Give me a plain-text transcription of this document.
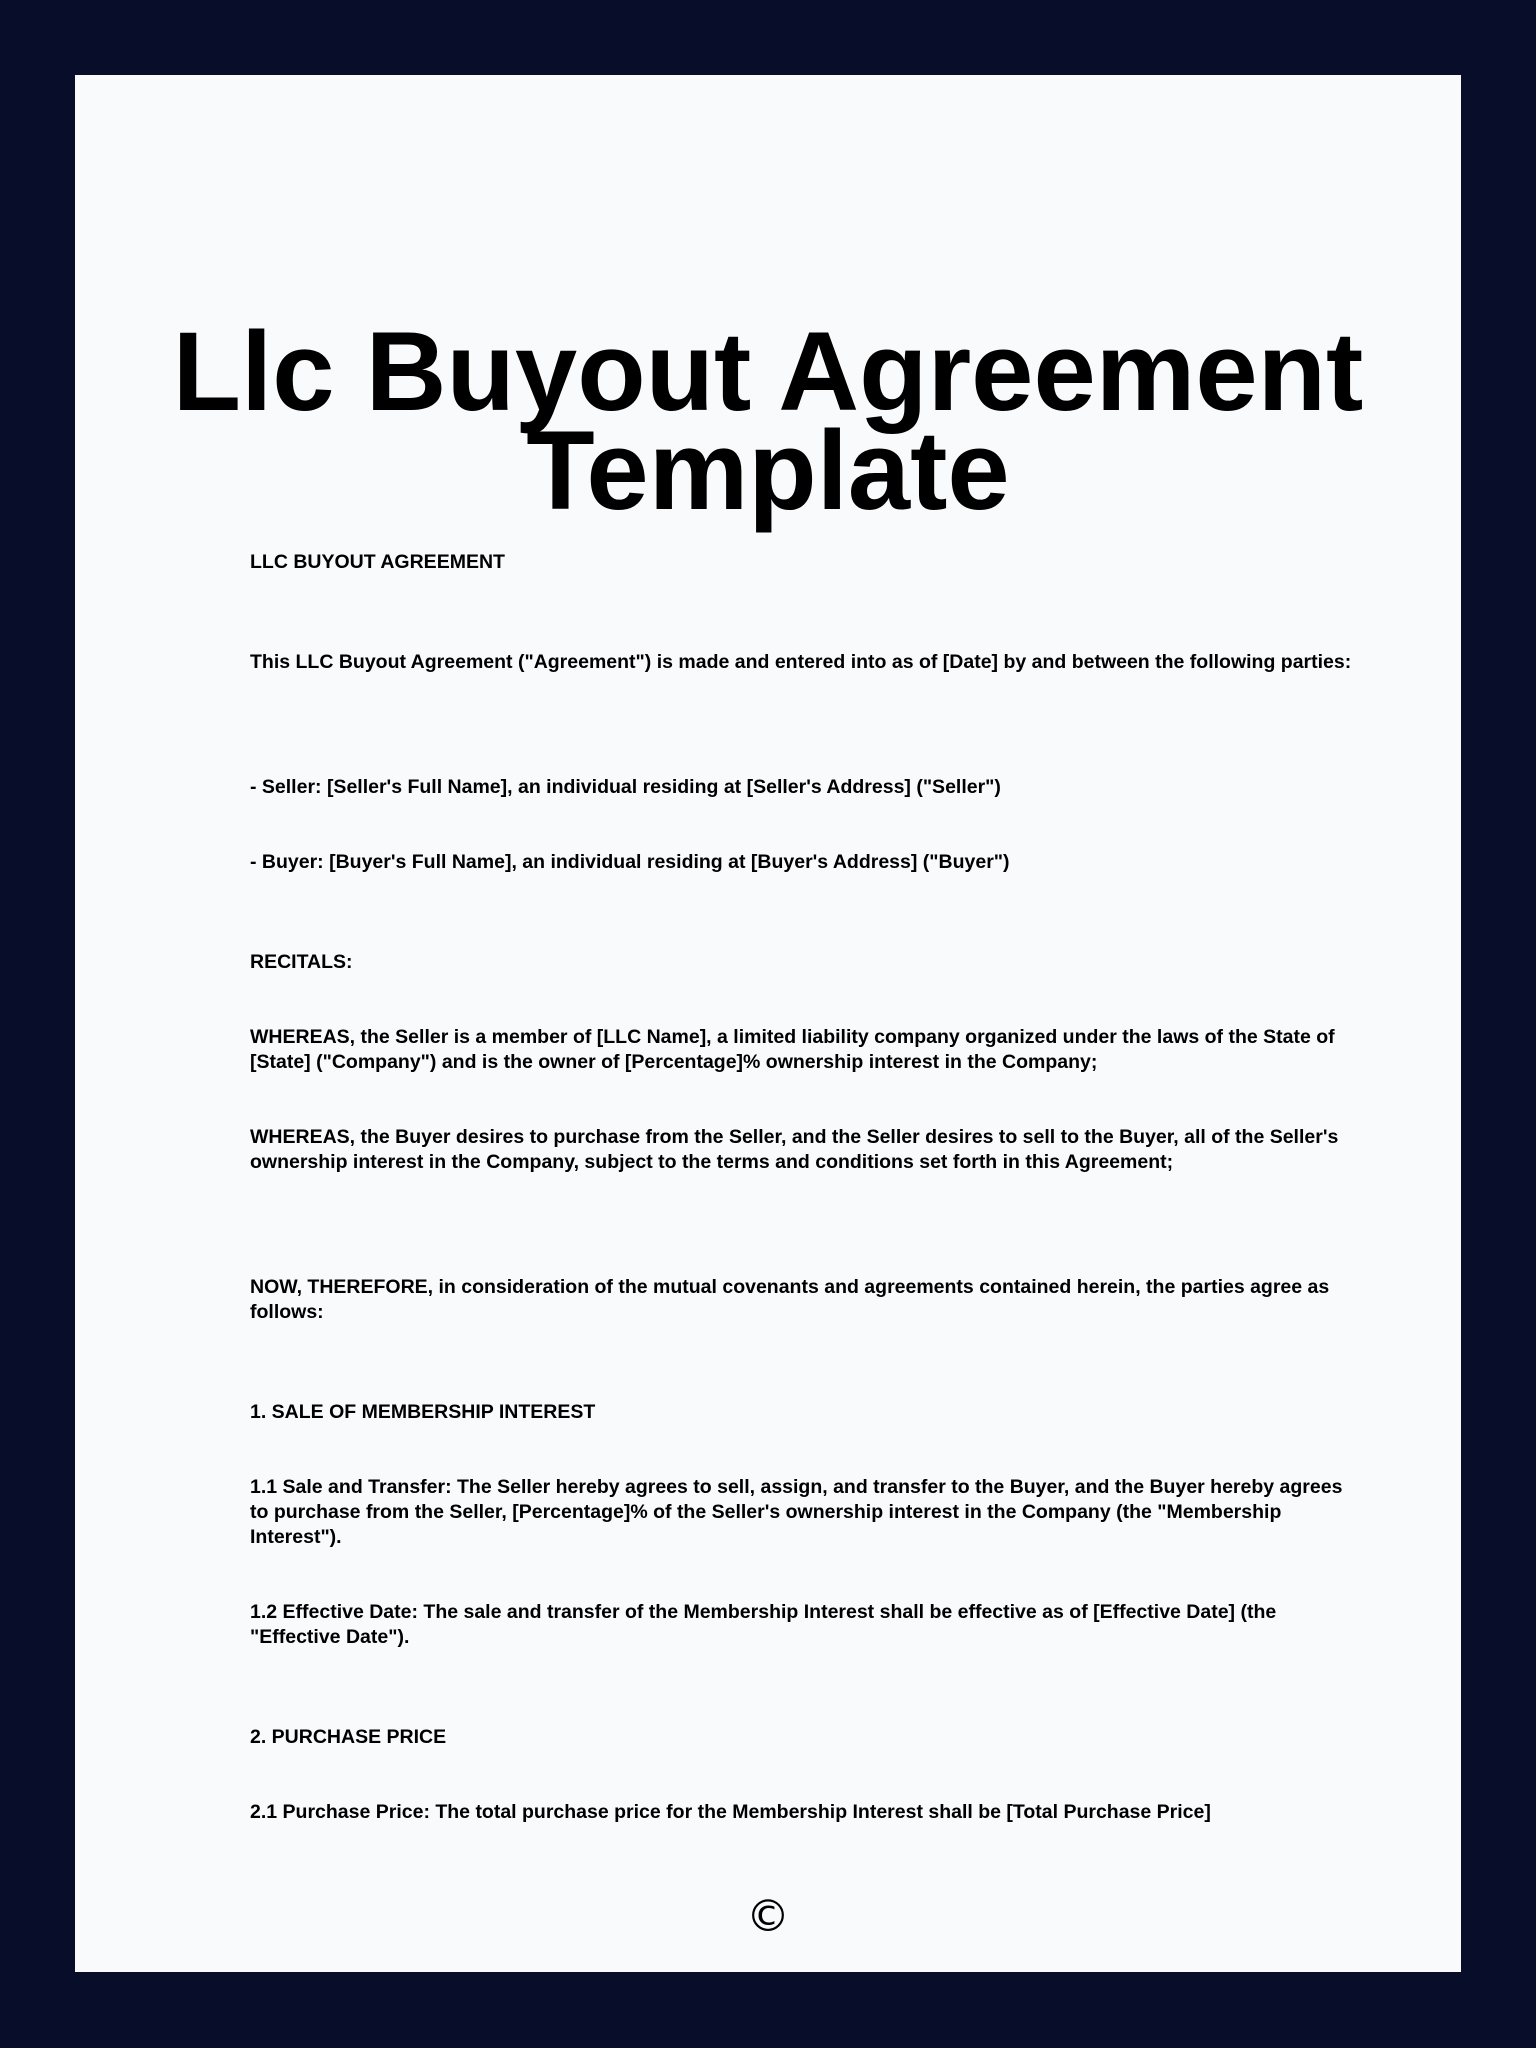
Llc Buyout Agreement
Template

LLC BUYOUT AGREEMENT

This LLC Buyout Agreement ("Agreement") is made and entered into as of [Date] by and between the following parties:

- Seller: [Seller's Full Name], an individual residing at [Seller's Address] ("Seller")

- Buyer: [Buyer's Full Name], an individual residing at [Buyer's Address] ("Buyer")

RECITALS:

WHEREAS, the Seller is a member of [LLC Name], a limited liability company organized under the laws of the State of [State] ("Company") and is the owner of [Percentage]% ownership interest in the Company;

WHEREAS, the Buyer desires to purchase from the Seller, and the Seller desires to sell to the Buyer, all of the Seller's ownership interest in the Company, subject to the terms and conditions set forth in this Agreement;

NOW, THEREFORE, in consideration of the mutual covenants and agreements contained herein, the parties agree as follows:

1. SALE OF MEMBERSHIP INTEREST

1.1 Sale and Transfer: The Seller hereby agrees to sell, assign, and transfer to the Buyer, and the Buyer hereby agrees to purchase from the Seller, [Percentage]% of the Seller's ownership interest in the Company (the "Membership Interest").

1.2 Effective Date: The sale and transfer of the Membership Interest shall be effective as of [Effective Date] (the "Effective Date").

2. PURCHASE PRICE

2.1 Purchase Price: The total purchase price for the Membership Interest shall be [Total Purchase Price]

©
